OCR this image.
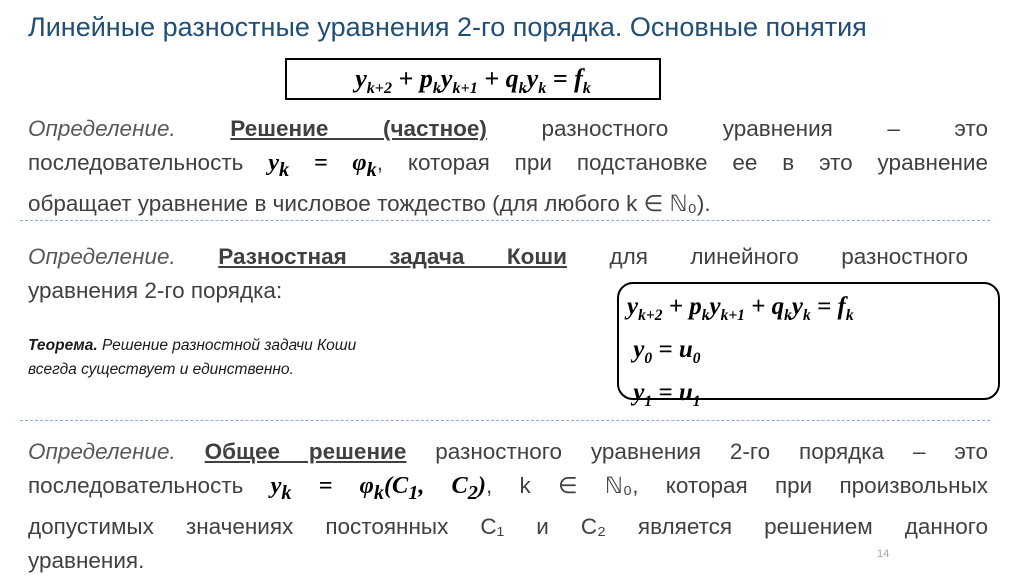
Линейные разностные уравнения 2-го порядка. Основные понятия
$y_{k+2} + p_ky_{k+1} + q_ky_k = f_k$
Определение. Решение (частное) разностного уравнения – это
последовательность $y_k = \varphi_k$, которая при подстановке ее в это уравнение
обращает уравнение в числовое тождество (для любого k ∈ ℕ₀).
Определение. Разностная задача Коши для линейного разностного
уравнения 2-го порядка:
$y_{k+2} + p_ky_{k+1} + q_ky_k = f_k$
$y_0 = u_0$
$y_1 = u_1$
Теорема. Решение разностной задачи Коши
всегда существует и единственно.
Определение. Общее решение разностного уравнения 2-го порядка – это
последовательность $y_k = \varphi_k(C_1$, $C_2$), k ∈ ℕ₀, которая при произвольных
допустимых значениях постоянных C₁ и C₂ является решением данного
уравнения.	14
